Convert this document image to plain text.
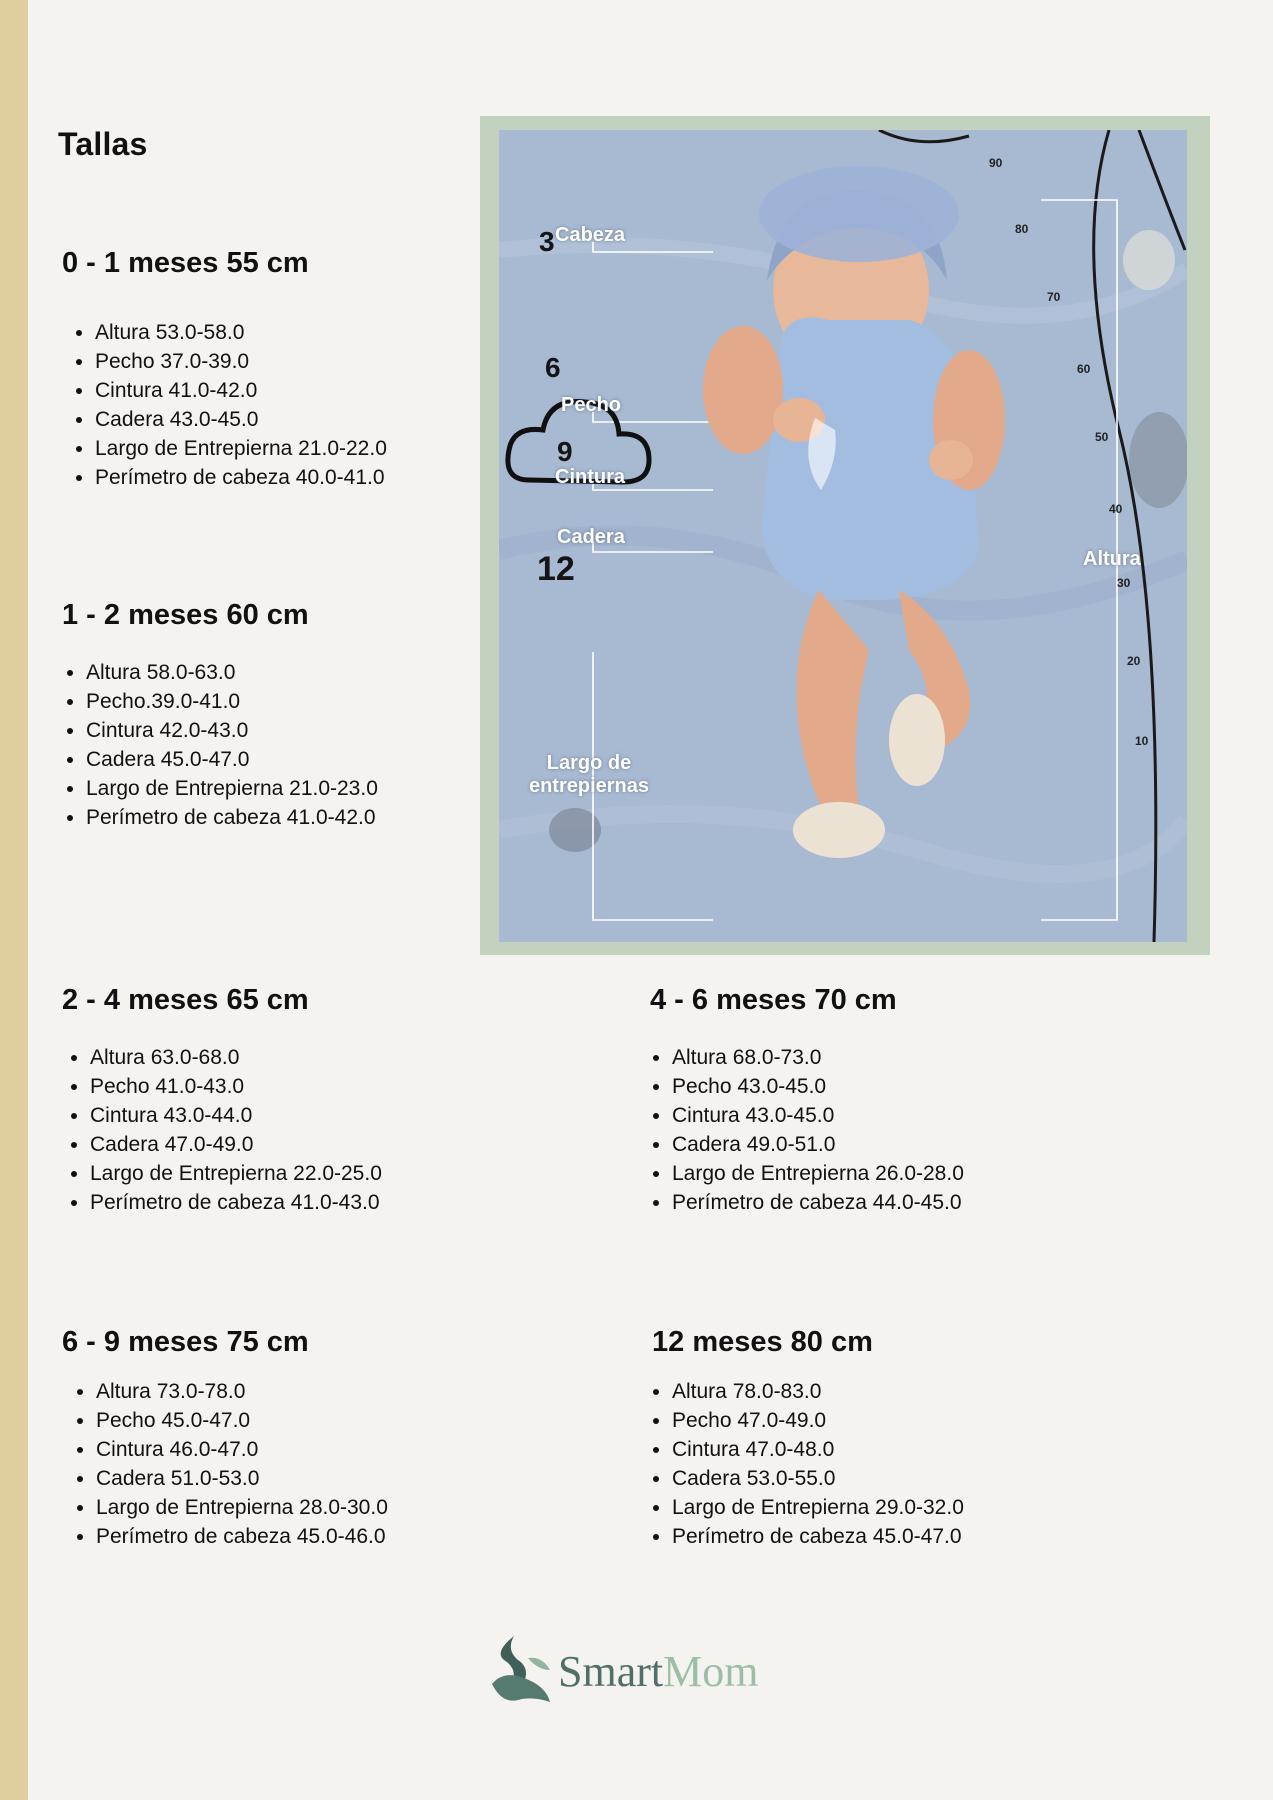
Tallas
0 - 1 meses 55 cm
• Altura 53.0-58.0
• Pecho 37.0-39.0
• Cintura 41.0-42.0
• Cadera 43.0-45.0
• Largo de Entrepierna 21.0-22.0
• Perímetro de cabeza 40.0-41.0
1 - 2 meses 60 cm
• Altura 58.0-63.0
• Pecho.39.0-41.0
• Cintura 42.0-43.0
• Cadera 45.0-47.0
• Largo de Entrepierna 21.0-23.0
• Perímetro de cabeza 41.0-42.0
2 - 4 meses 65 cm
• Altura 63.0-68.0
• Pecho 41.0-43.0
• Cintura 43.0-44.0
• Cadera 47.0-49.0
• Largo de Entrepierna 22.0-25.0
• Perímetro de cabeza 41.0-43.0
4 - 6 meses 70 cm
• Altura 68.0-73.0
• Pecho 43.0-45.0
• Cintura 43.0-45.0
• Cadera 49.0-51.0
• Largo de Entrepierna 26.0-28.0
• Perímetro de cabeza 44.0-45.0
6 - 9 meses 75 cm
• Altura 73.0-78.0
• Pecho 45.0-47.0
• Cintura 46.0-47.0
• Cadera 51.0-53.0
• Largo de Entrepierna 28.0-30.0
• Perímetro de cabeza 45.0-46.0
12 meses 80 cm
• Altura 78.0-83.0
• Pecho 47.0-49.0
• Cintura 47.0-48.0
• Cadera 53.0-55.0
• Largo de Entrepierna 29.0-32.0
• Perímetro de cabeza 45.0-47.0
Cabeza
Pecho
Cintura
Cadera
Largo de entrepiernas
Altura
3
6
9
12
90
80
70
60
50
40
30
20
10
SmartMom
